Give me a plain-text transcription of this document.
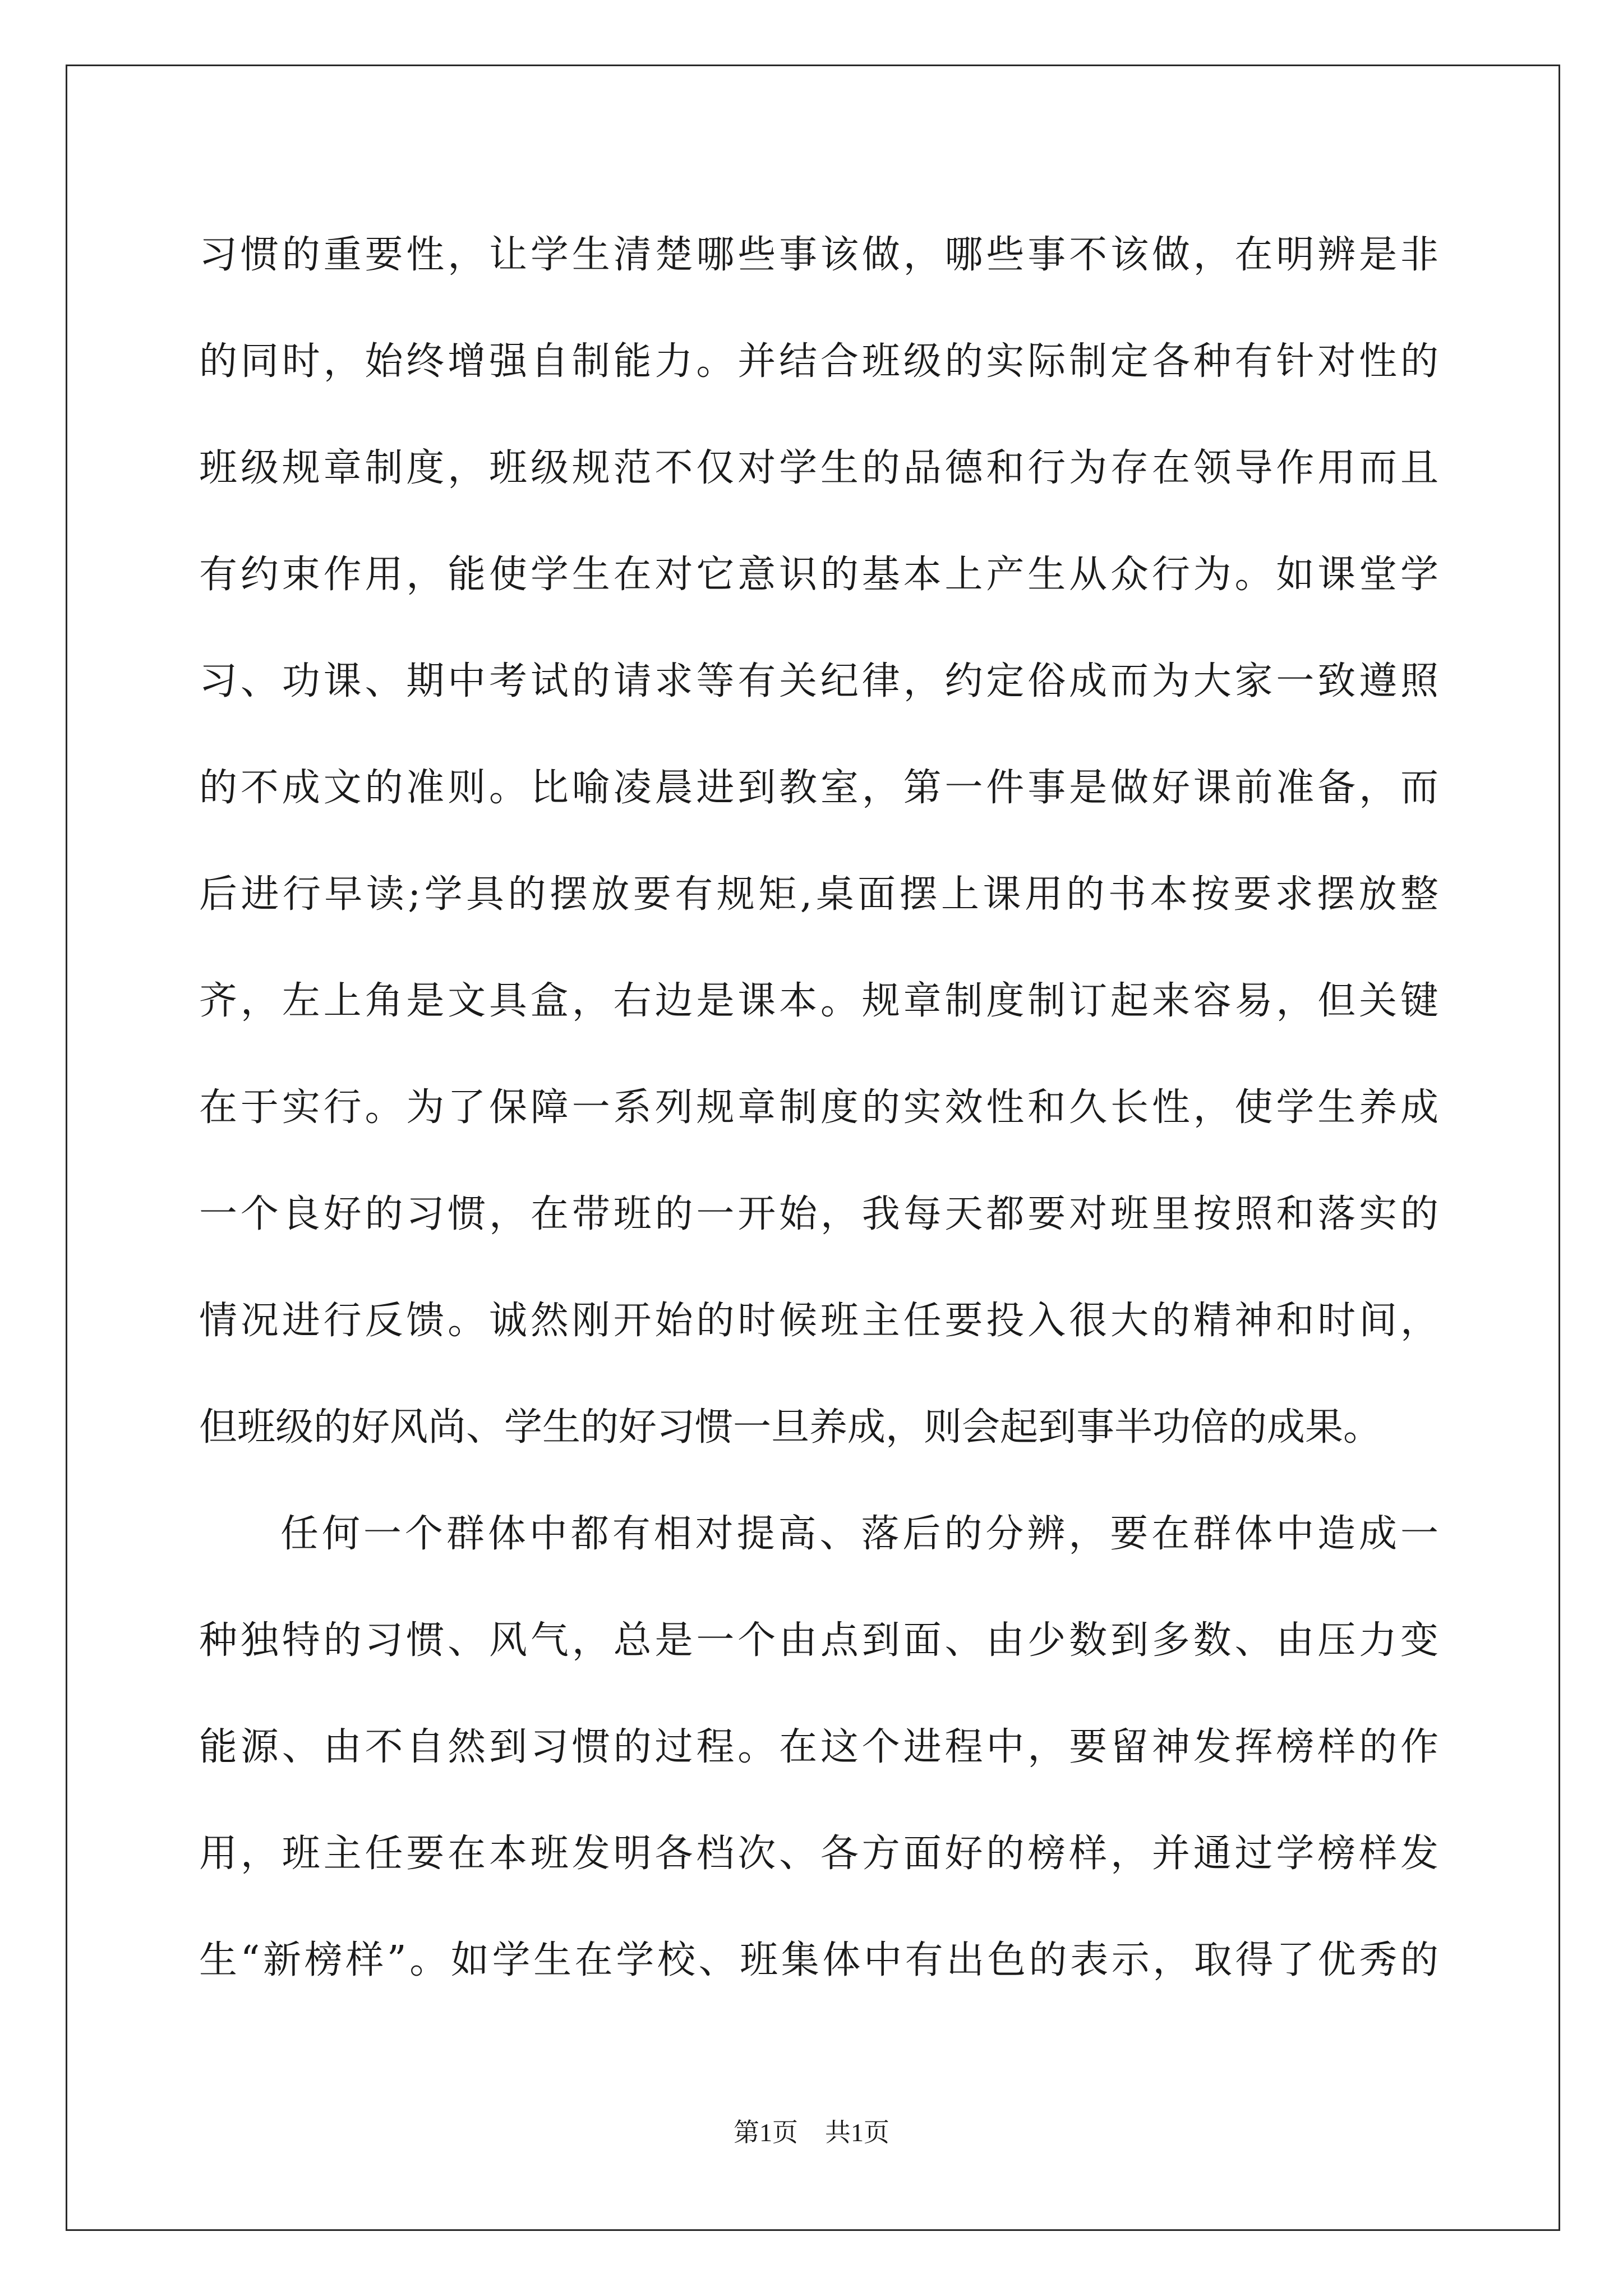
习惯的重要性，让学生清楚哪些事该做，哪些事不该做，在明辨是非
的同时，始终增强自制能力。并结合班级的实际制定各种有针对性的
班级规章制度，班级规范不仅对学生的品德和行为存在领导作用而且
有约束作用，能使学生在对它意识的基本上产生从众行为。如课堂学
习、功课、期中考试的请求等有关纪律，约定俗成而为大家一致遵照
的不成文的准则。比喻凌晨进到教室，第一件事是做好课前准备，而
后进行早读;学具的摆放要有规矩,桌面摆上课用的书本按要求摆放整
齐，左上角是文具盒，右边是课本。规章制度制订起来容易，但关键
在于实行。为了保障一系列规章制度的实效性和久长性，使学生养成
一个良好的习惯，在带班的一开始，我每天都要对班里按照和落实的
情况进行反馈。诚然刚开始的时候班主任要投入很大的精神和时间，
但班级的好风尚、学生的好习惯一旦养成，则会起到事半功倍的成果。
任何一个群体中都有相对提高、落后的分辨，要在群体中造成一
种独特的习惯、风气，总是一个由点到面、由少数到多数、由压力变
能源、由不自然到习惯的过程。在这个进程中，要留神发挥榜样的作
用，班主任要在本班发明各档次、各方面好的榜样，并通过学榜样发
生“新榜样”。如学生在学校、班集体中有出色的表示，取得了优秀的
第1页 共1页
